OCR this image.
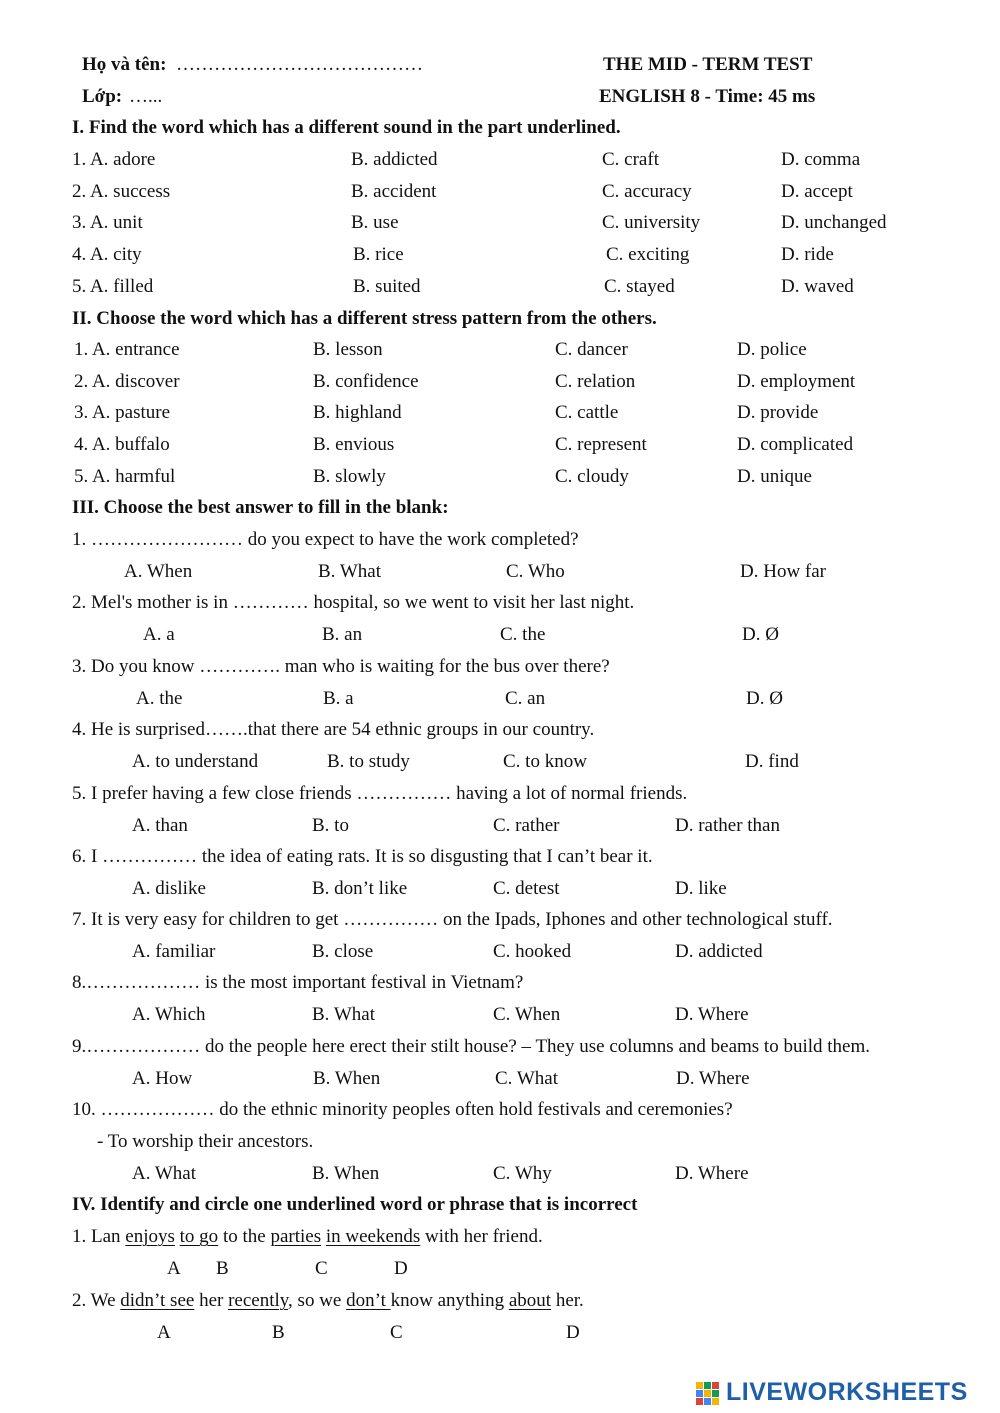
Họ và tên: …………………………………
Lớp: …...
THE MID - TERM TEST
ENGLISH 8 - Time: 45 ms
I. Find the word which has a different sound in the part underlined.
1. A. adore	B. addicted	C. craft	D. comma
2. A. success	B. accident	C. accuracy	D. accept
3. A. unit	B. use	C. university	D. unchanged
4. A. city	B. rice	C. exciting	D. ride
5. A. filled	B. suited	C. stayed	D. waved
II. Choose the word which has a different stress pattern from the others.
1. A. entrance	B. lesson	C. dancer	D. police
2. A. discover	B. confidence	C. relation	D. employment
3. A. pasture	B. highland	C. cattle	D. provide
4. A. buffalo	B. envious	C. represent	D. complicated
5. A. harmful	B. slowly	C. cloudy	D. unique
III. Choose the best answer to fill in the blank:
1. …………………… do you expect to have the work completed?
A. When	B. What	C. Who	D. How far
2. Mel's mother is in ………… hospital, so we went to visit her last night.
A. a	B. an	C. the	D. Ø
3. Do you know …………. man who is waiting for the bus over there?
A. the	B. a	C. an	D. Ø
4. He is surprised…….that there are 54 ethnic groups in our country.
A. to understand	B. to study	C. to know	D. find
5. I prefer having a few close friends …………… having a lot of normal friends.
A. than	B. to	C. rather	D. rather than
6. I …………… the idea of eating rats. It is so disgusting that I can’t bear it.
A. dislike	B. don’t like	C. detest	D. like
7. It is very easy for children to get …………… on the Ipads, Iphones and other technological stuff.
A. familiar	B. close	C. hooked	D. addicted
8.……………… is the most important festival in Vietnam?
A. Which	B. What	C. When	D. Where
9.……………… do the people here erect their stilt house? – They use columns and beams to build them.
A. How	B. When	C. What	D. Where
10. ……………… do the ethnic minority peoples often hold festivals and ceremonies?
- To worship their ancestors.
A. What	B. When	C. Why	D. Where
IV. Identify and circle one underlined word or phrase that is incorrect
1. Lan enjoys to go to the parties in weekends with her friend.
A B	C	D
2. We didn’t see her recently, so we don’t know anything about her.
A	B	C	D
LIVEWORKSHEETS
